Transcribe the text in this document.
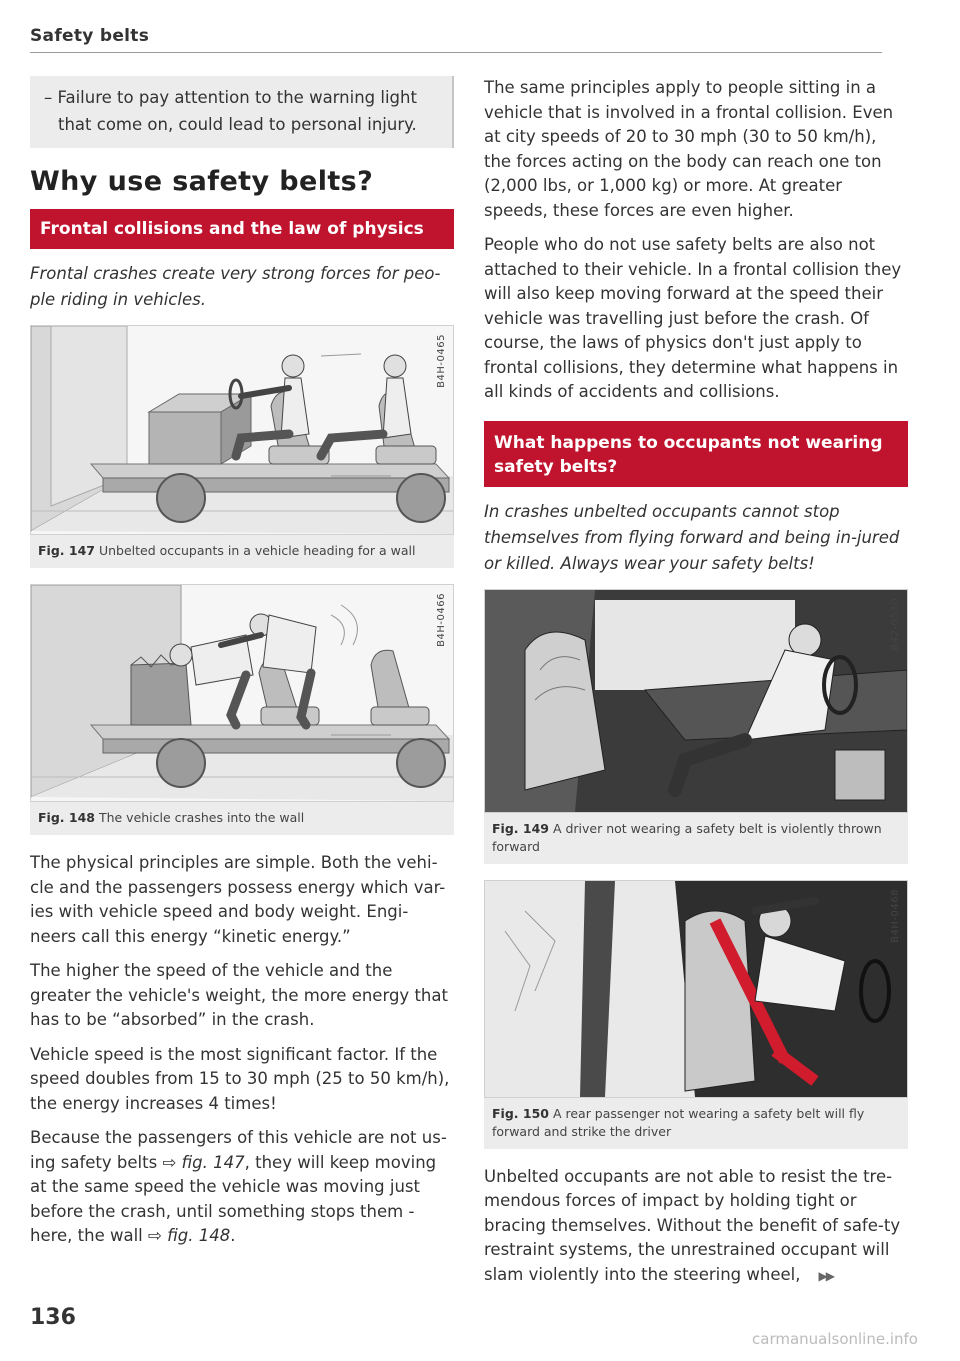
Safety belts
– Failure to pay attention to the warning light that come on, could lead to personal injury.
Why use safety belts?
Frontal collisions and the law of physics
Frontal crashes create very strong forces for peo-ple riding in vehicles.
B4H-0465
Fig. 147 Unbelted occupants in a vehicle heading for a wall
B4H-0466
Fig. 148 The vehicle crashes into the wall

The physical principles are simple. Both the vehi-cle and the passengers possess energy which var-ies with vehicle speed and body weight. Engi-neers call this energy “kinetic energy.”

The higher the speed of the vehicle and the greater the vehicle's weight, the more energy that has to be “absorbed” in the crash.

Vehicle speed is the most significant factor. If the speed doubles from 15 to 30 mph (25 to 50 km/h), the energy increases 4 times!

Because the passengers of this vehicle are not us-ing safety belts ⇨ fig. 147, they will keep moving at the same speed the vehicle was moving just before the crash, until something stops them - here, the wall ⇨ fig. 148.

The same principles apply to people sitting in a vehicle that is involved in a frontal collision. Even at city speeds of 20 to 30 mph (30 to 50 km/h), the forces acting on the body can reach one ton (2,000 lbs, or 1,000 kg) or more. At greater speeds, these forces are even higher.

People who do not use safety belts are also not attached to their vehicle. In a frontal collision they will also keep moving forward at the speed their vehicle was travelling just before the crash. Of course, the laws of physics don't just apply to frontal collisions, they determine what happens in all kinds of accidents and collisions.

What happens to occupants not wearing safety belts?
In crashes unbelted occupants cannot stop themselves from flying forward and being in-jured or killed. Always wear your safety belts!
B42-0530
Fig. 149 A driver not wearing a safety belt is violently thrown forward
B4H-0468
Fig. 150 A rear passenger not wearing a safety belt will fly forward and strike the driver

Unbelted occupants are not able to resist the tre-mendous forces of impact by holding tight or bracing themselves. Without the benefit of safe-ty restraint systems, the unrestrained occupant will slam violently into the steering wheel, ▶▶

136
carmanualsonline.info
